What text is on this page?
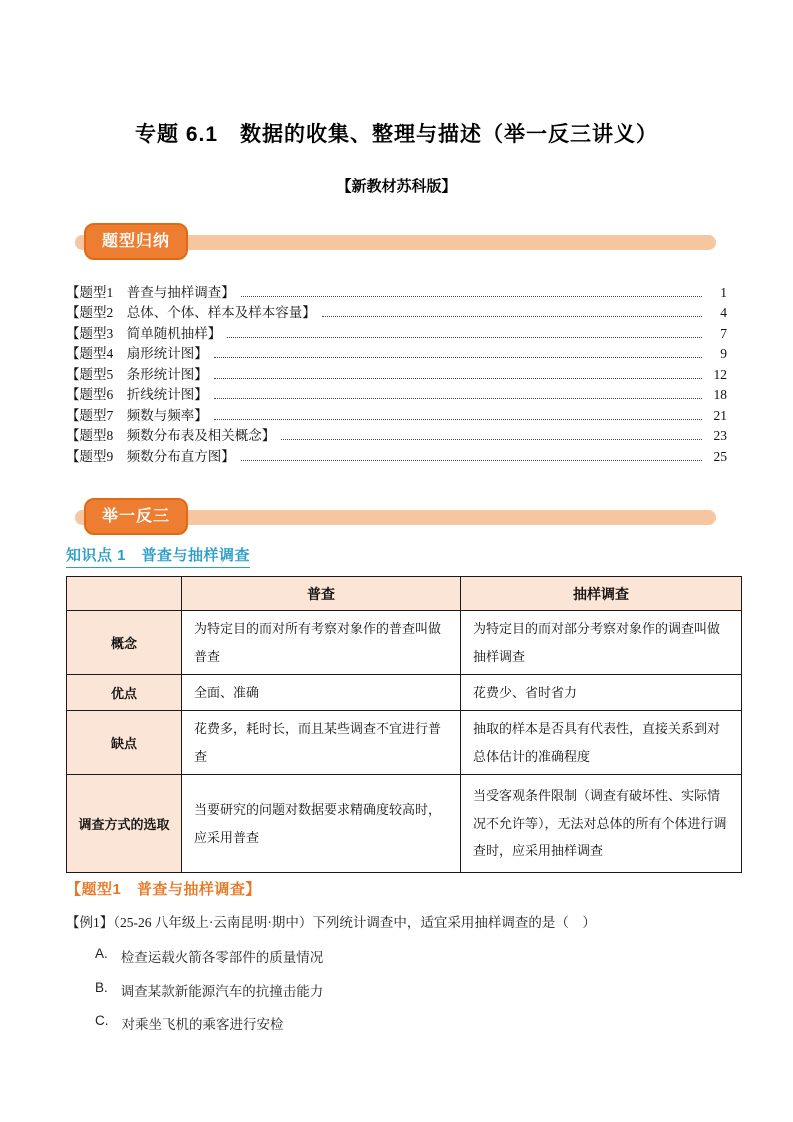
专题 6.1　数据的收集、整理与描述（举一反三讲义）
【新教材苏科版】
题型归纳
【题型1　普查与抽样调查】	1
【题型2　总体、个体、样本及样本容量】	4
【题型3　简单随机抽样】	7
【题型4　扇形统计图】	9
【题型5　条形统计图】	12
【题型6　折线统计图】	18
【题型7　频数与频率】	21
【题型8　频数分布表及相关概念】	23
【题型9　频数分布直方图】	25
举一反三
知识点 1　普查与抽样调查
	普查	抽样调查
概念	为特定目的而对所有考察对象作的普查叫做普查	为特定目的而对部分考察对象作的调查叫做抽样调查
优点	全面、准确	花费少、省时省力
缺点	花费多，耗时长，而且某些调查不宜进行普查	抽取的样本是否具有代表性，直接关系到对总体估计的准确程度
调查方式的选取	当要研究的问题对数据要求精确度较高时，应采用普查	当受客观条件限制（调查有破坏性、实际情况不允许等），无法对总体的所有个体进行调查时，应采用抽样调查
【题型1　普查与抽样调查】
【例1】（25-26 八年级上·云南昆明·期中）下列统计调查中，适宜采用抽样调查的是（　）
A. 检查运载火箭各零部件的质量情况
B. 调查某款新能源汽车的抗撞击能力
C. 对乘坐飞机的乘客进行安检
